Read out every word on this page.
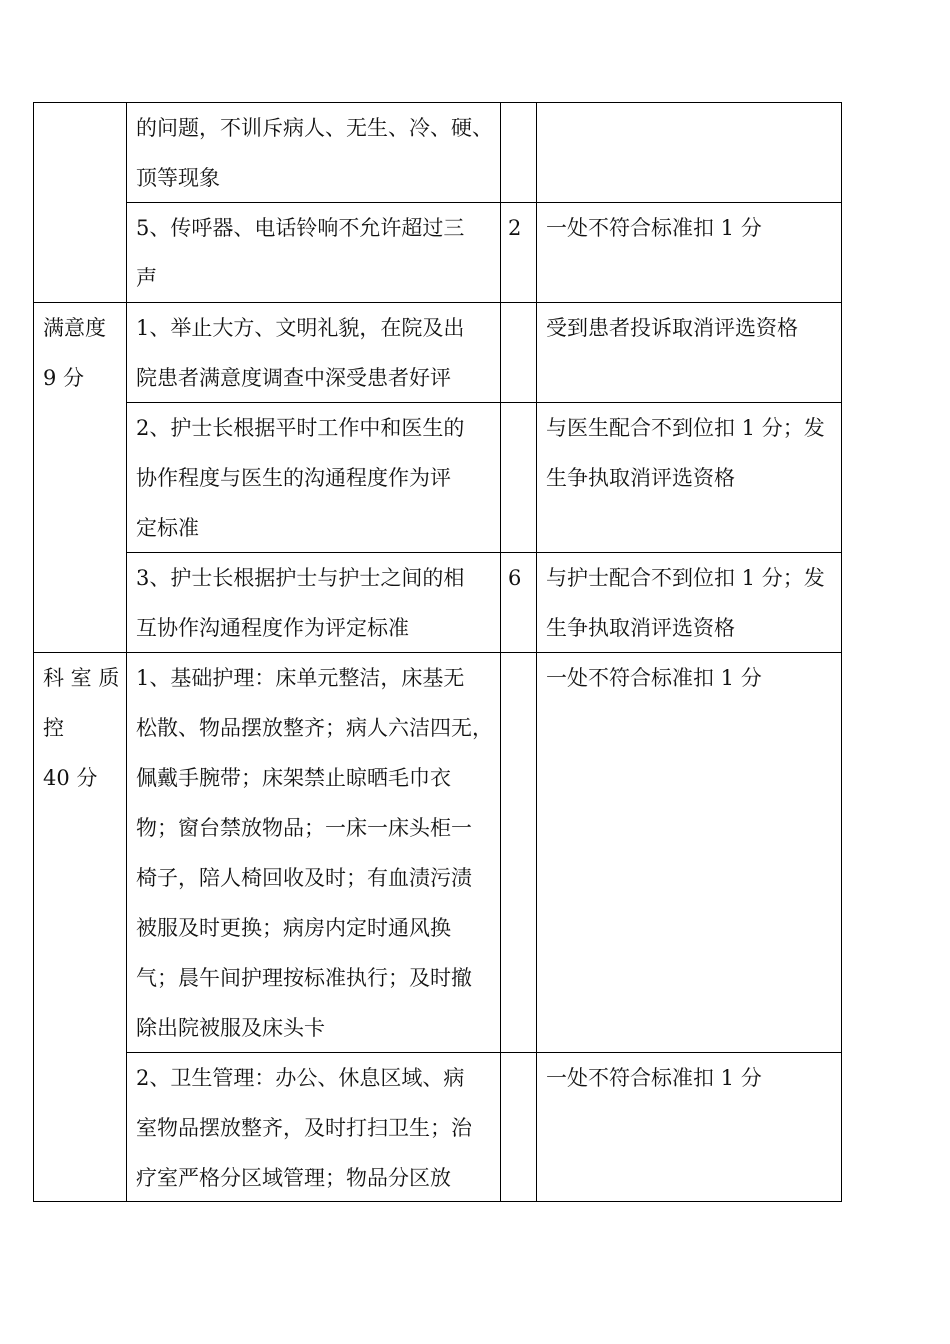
的问题，不训斥病人、无生、冷、硬、
顶等现象
5、传呼器、电话铃响不允许超过三
声
2 一处不符合标准扣 1 分
满意度
9 分
1、举止大方、文明礼貌，在院及出
院患者满意度调查中深受患者好评
受到患者投诉取消评选资格
2、护士长根据平时工作中和医生的
协作程度与医生的沟通程度作为评
定标准
与医生配合不到位扣 1 分；发
生争执取消评选资格
3、护士长根据护士与护士之间的相
互协作沟通程度作为评定标准
6 与护士配合不到位扣 1 分；发
生争执取消评选资格
科 室 质
控
40 分
1、基础护理：床单元整洁，床基无
松散、物品摆放整齐；病人六洁四无，
佩戴手腕带；床架禁止晾晒毛巾衣
物；窗台禁放物品；一床一床头柜一
椅子，陪人椅回收及时；有血渍污渍
被服及时更换；病房内定时通风换
气；晨午间护理按标准执行；及时撤
除出院被服及床头卡
一处不符合标准扣 1 分
2、卫生管理：办公、休息区域、病
室物品摆放整齐，及时打扫卫生；治
疗室严格分区域管理；物品分区放
一处不符合标准扣 1 分
